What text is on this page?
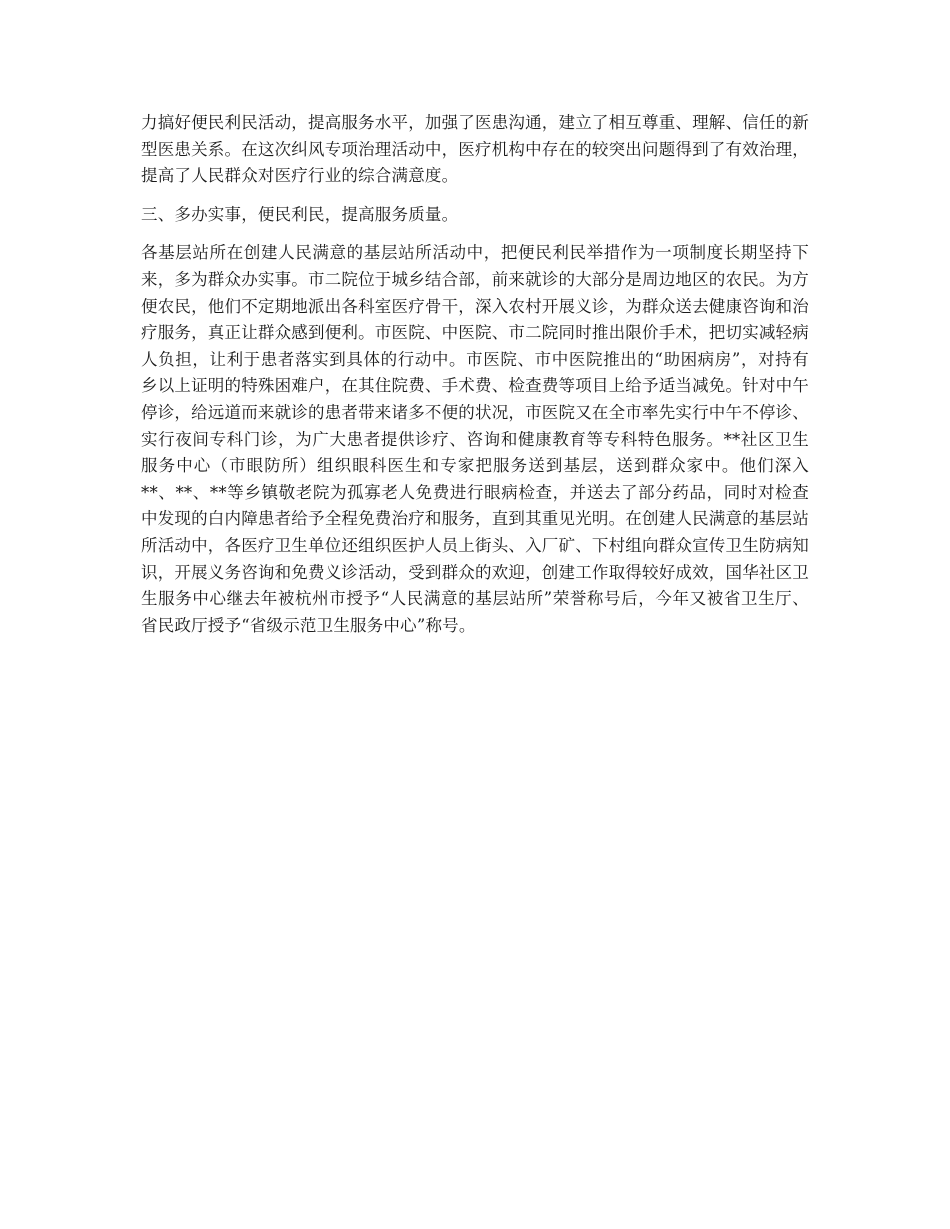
力搞好便民利民活动，提高服务水平，加强了医患沟通，建立了相互尊重、理解、信任的新型医患关系。在这次纠风专项治理活动中，医疗机构中存在的较突出问题得到了有效治理，提高了人民群众对医疗行业的综合满意度。

三、多办实事，便民利民，提高服务质量。

各基层站所在创建人民满意的基层站所活动中，把便民利民举措作为一项制度长期坚持下来，多为群众办实事。市二院位于城乡结合部，前来就诊的大部分是周边地区的农民。为方便农民，他们不定期地派出各科室医疗骨干，深入农村开展义诊，为群众送去健康咨询和治疗服务，真正让群众感到便利。市医院、中医院、市二院同时推出限价手术，把切实减轻病人负担，让利于患者落实到具体的行动中。市医院、市中医院推出的“助困病房”，对持有乡以上证明的特殊困难户，在其住院费、手术费、检查费等项目上给予适当减免。针对中午停诊，给远道而来就诊的患者带来诸多不便的状况，市医院又在全市率先实行中午不停诊、实行夜间专科门诊，为广大患者提供诊疗、咨询和健康教育等专科特色服务。**社区卫生服务中心（市眼防所）组织眼科医生和专家把服务送到基层，送到群众家中。他们深入**、**、**等乡镇敬老院为孤寡老人免费进行眼病检查，并送去了部分药品，同时对检查中发现的白内障患者给予全程免费治疗和服务，直到其重见光明。在创建人民满意的基层站所活动中，各医疗卫生单位还组织医护人员上街头、入厂矿、下村组向群众宣传卫生防病知识，开展义务咨询和免费义诊活动，受到群众的欢迎，创建工作取得较好成效，国华社区卫生服务中心继去年被杭州市授予“人民满意的基层站所”荣誉称号后，今年又被省卫生厅、省民政厅授予“省级示范卫生服务中心”称号。
